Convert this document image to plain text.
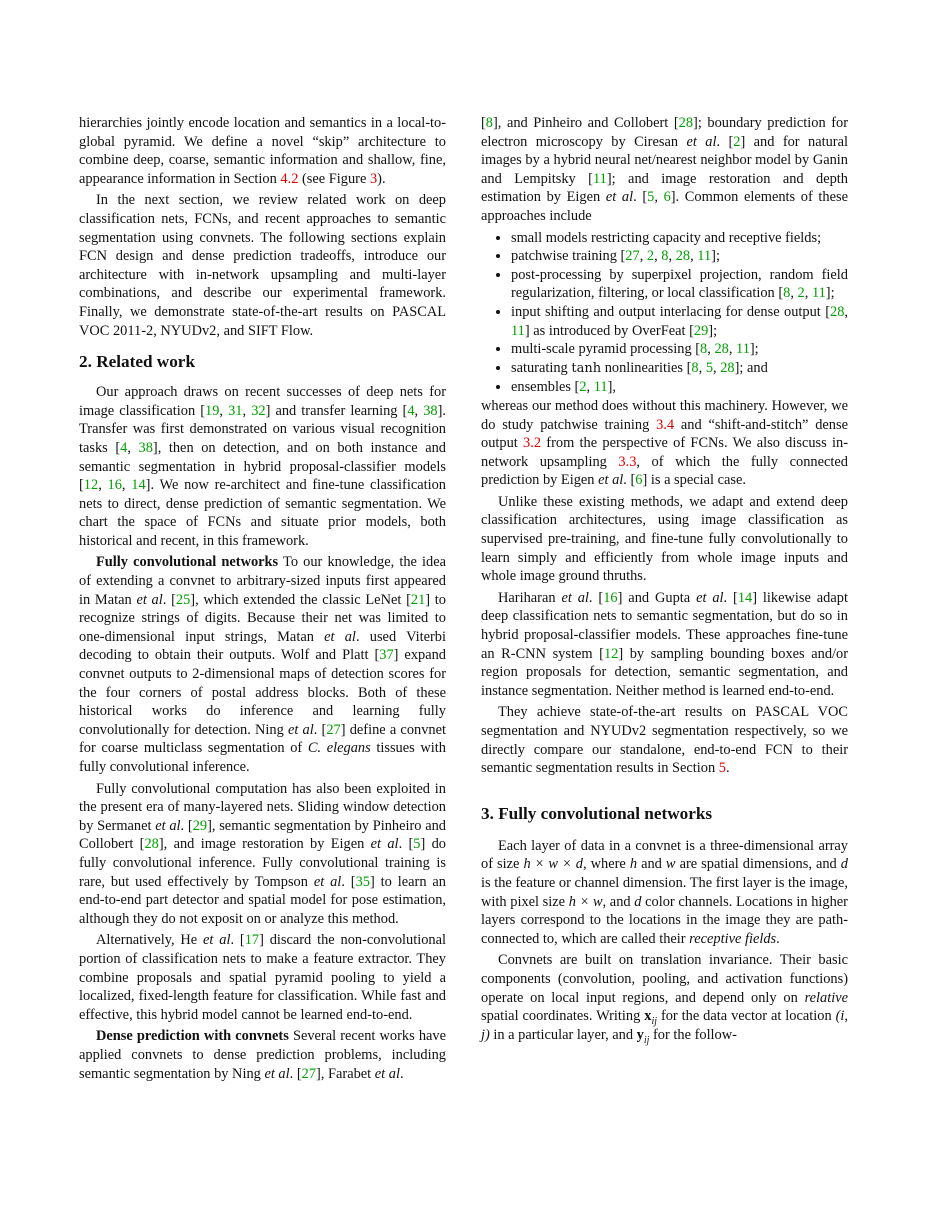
hierarchies jointly encode location and semantics in a local-to-global pyramid. We define a novel “skip” architecture to combine deep, coarse, semantic information and shallow, fine, appearance information in Section 4.2 (see Figure 3).

In the next section, we review related work on deep classification nets, FCNs, and recent approaches to semantic segmentation using convnets. The following sections explain FCN design and dense prediction tradeoffs, introduce our architecture with in-network upsampling and multi-layer combinations, and describe our experimental framework. Finally, we demonstrate state-of-the-art results on PASCAL VOC 2011-2, NYUDv2, and SIFT Flow.

2. Related work

Our approach draws on recent successes of deep nets for image classification [19, 31, 32] and transfer learning [4, 38]. Transfer was first demonstrated on various visual recognition tasks [4, 38], then on detection, and on both instance and semantic segmentation in hybrid proposal-classifier models [12, 16, 14]. We now re-architect and fine-tune classification nets to direct, dense prediction of semantic segmentation. We chart the space of FCNs and situate prior models, both historical and recent, in this framework.

Fully convolutional networks To our knowledge, the idea of extending a convnet to arbitrary-sized inputs first appeared in Matan et al. [25], which extended the classic LeNet [21] to recognize strings of digits. Because their net was limited to one-dimensional input strings, Matan et al. used Viterbi decoding to obtain their outputs. Wolf and Platt [37] expand convnet outputs to 2-dimensional maps of detection scores for the four corners of postal address blocks. Both of these historical works do inference and learning fully convolutionally for detection. Ning et al. [27] define a convnet for coarse multiclass segmentation of C. elegans tissues with fully convolutional inference.

Fully convolutional computation has also been exploited in the present era of many-layered nets. Sliding window detection by Sermanet et al. [29], semantic segmentation by Pinheiro and Collobert [28], and image restoration by Eigen et al. [5] do fully convolutional inference. Fully convolutional training is rare, but used effectively by Tompson et al. [35] to learn an end-to-end part detector and spatial model for pose estimation, although they do not exposit on or analyze this method.

Alternatively, He et al. [17] discard the non-convolutional portion of classification nets to make a feature extractor. They combine proposals and spatial pyramid pooling to yield a localized, fixed-length feature for classification. While fast and effective, this hybrid model cannot be learned end-to-end.

Dense prediction with convnets Several recent works have applied convnets to dense prediction problems, including semantic segmentation by Ning et al. [27], Farabet et al.

[8], and Pinheiro and Collobert [28]; boundary prediction for electron microscopy by Ciresan et al. [2] and for natural images by a hybrid neural net/nearest neighbor model by Ganin and Lempitsky [11]; and image restoration and depth estimation by Eigen et al. [5, 6]. Common elements of these approaches include

• small models restricting capacity and receptive fields;
• patchwise training [27, 2, 8, 28, 11];
• post-processing by superpixel projection, random field regularization, filtering, or local classification [8, 2, 11];
• input shifting and output interlacing for dense output [28, 11] as introduced by OverFeat [29];
• multi-scale pyramid processing [8, 28, 11];
• saturating tanh nonlinearities [8, 5, 28]; and
• ensembles [2, 11],

whereas our method does without this machinery. However, we do study patchwise training 3.4 and “shift-and-stitch” dense output 3.2 from the perspective of FCNs. We also discuss in-network upsampling 3.3, of which the fully connected prediction by Eigen et al. [6] is a special case.

Unlike these existing methods, we adapt and extend deep classification architectures, using image classification as supervised pre-training, and fine-tune fully convolutionally to learn simply and efficiently from whole image inputs and whole image ground thruths.

Hariharan et al. [16] and Gupta et al. [14] likewise adapt deep classification nets to semantic segmentation, but do so in hybrid proposal-classifier models. These approaches fine-tune an R-CNN system [12] by sampling bounding boxes and/or region proposals for detection, semantic segmentation, and instance segmentation. Neither method is learned end-to-end.

They achieve state-of-the-art results on PASCAL VOC segmentation and NYUDv2 segmentation respectively, so we directly compare our standalone, end-to-end FCN to their semantic segmentation results in Section 5.

3. Fully convolutional networks

Each layer of data in a convnet is a three-dimensional array of size h × w × d, where h and w are spatial dimensions, and d is the feature or channel dimension. The first layer is the image, with pixel size h × w, and d color channels. Locations in higher layers correspond to the locations in the image they are path-connected to, which are called their receptive fields.

Convnets are built on translation invariance. Their basic components (convolution, pooling, and activation functions) operate on local input regions, and depend only on relative spatial coordinates. Writing $x_{ij}$ for the data vector at location (i, j) in a particular layer, and $y_{ij}$ for the follow-
